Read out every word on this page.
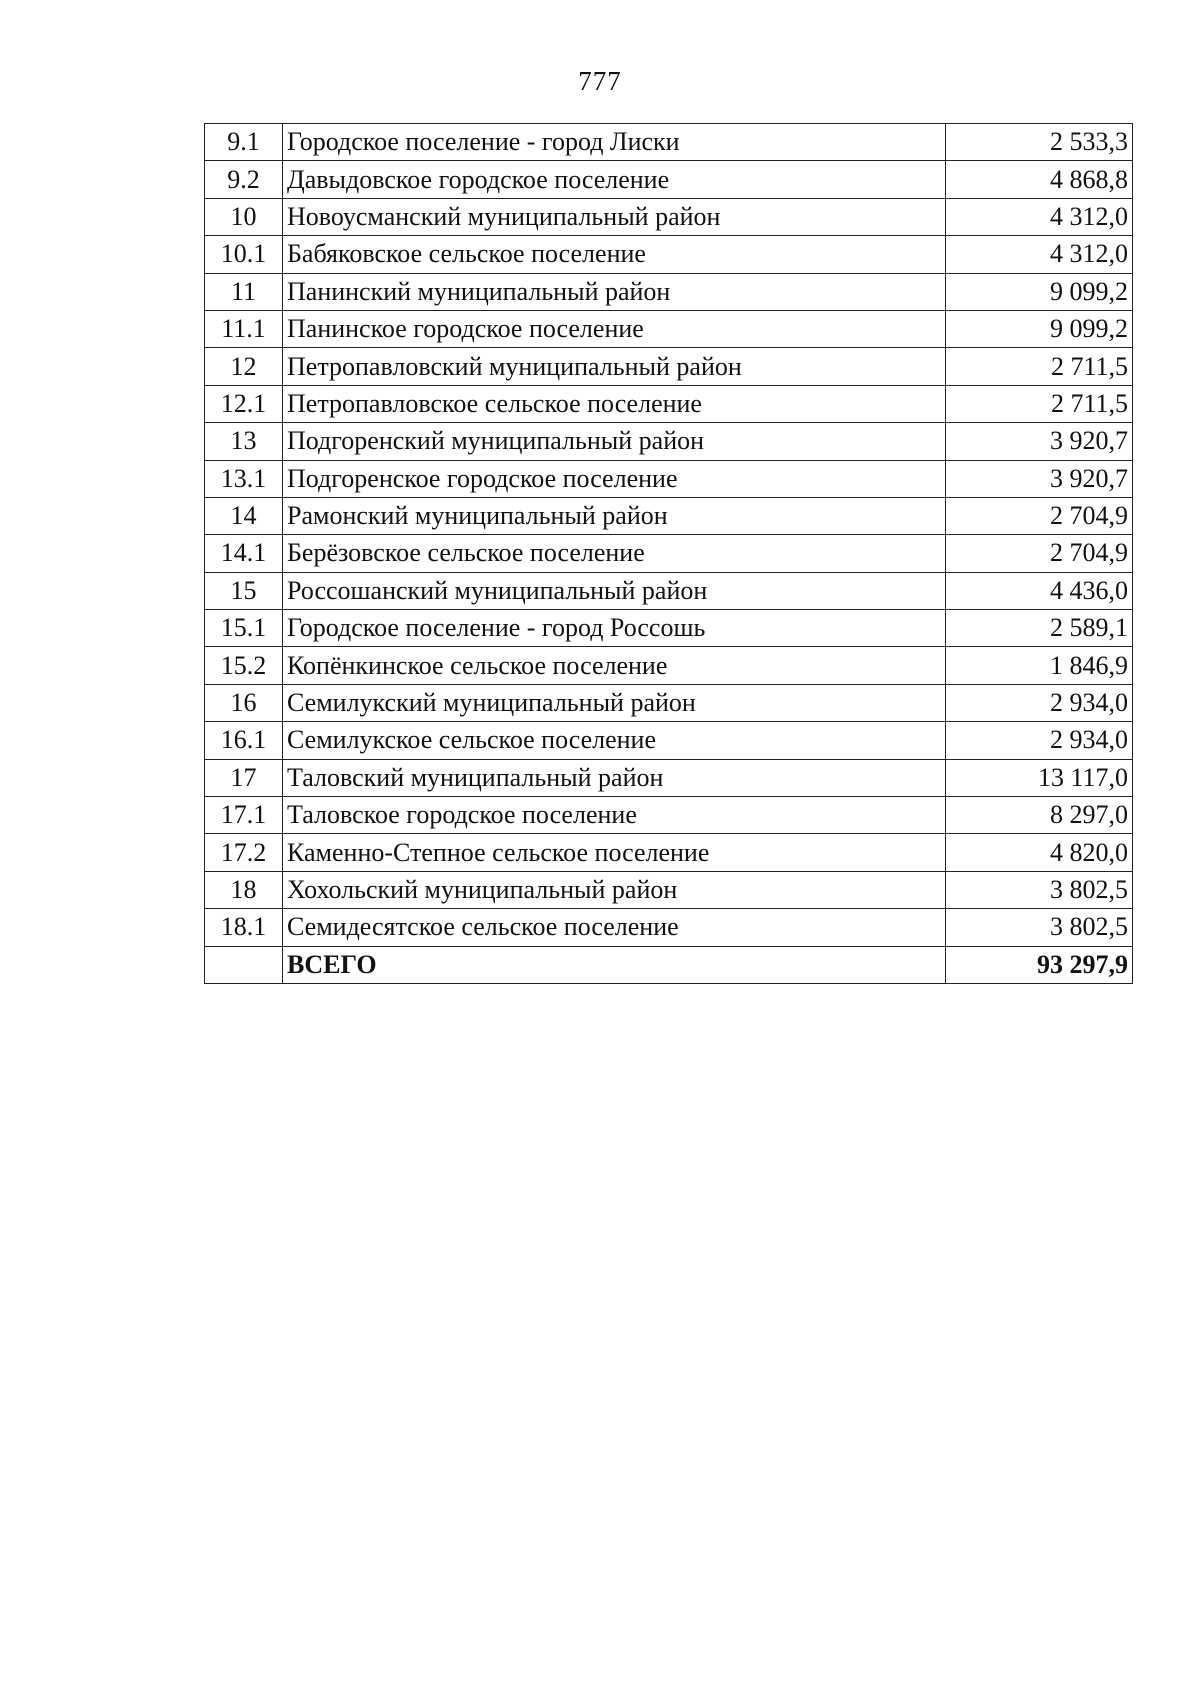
777
9.1	Городское поселение - город Лиски	2 533,3
9.2	Давыдовское городское поселение	4 868,8
10	Новоусманский муниципальный район	4 312,0
10.1	Бабяковское сельское поселение	4 312,0
11	Панинский муниципальный район	9 099,2
11.1	Панинское городское поселение	9 099,2
12	Петропавловский муниципальный район	2 711,5
12.1	Петропавловское сельское поселение	2 711,5
13	Подгоренский муниципальный район	3 920,7
13.1	Подгоренское городское поселение	3 920,7
14	Рамонский муниципальный район	2 704,9
14.1	Берёзовское сельское поселение	2 704,9
15	Россошанский муниципальный район	4 436,0
15.1	Городское поселение - город Россошь	2 589,1
15.2	Копёнкинское сельское поселение	1 846,9
16	Семилукский муниципальный район	2 934,0
16.1	Семилукское сельское поселение	2 934,0
17	Таловский муниципальный район	13 117,0
17.1	Таловское городское поселение	8 297,0
17.2	Каменно-Степное сельское поселение	4 820,0
18	Хохольский муниципальный район	3 802,5
18.1	Семидесятское сельское поселение	3 802,5
	ВСЕГО	93 297,9
